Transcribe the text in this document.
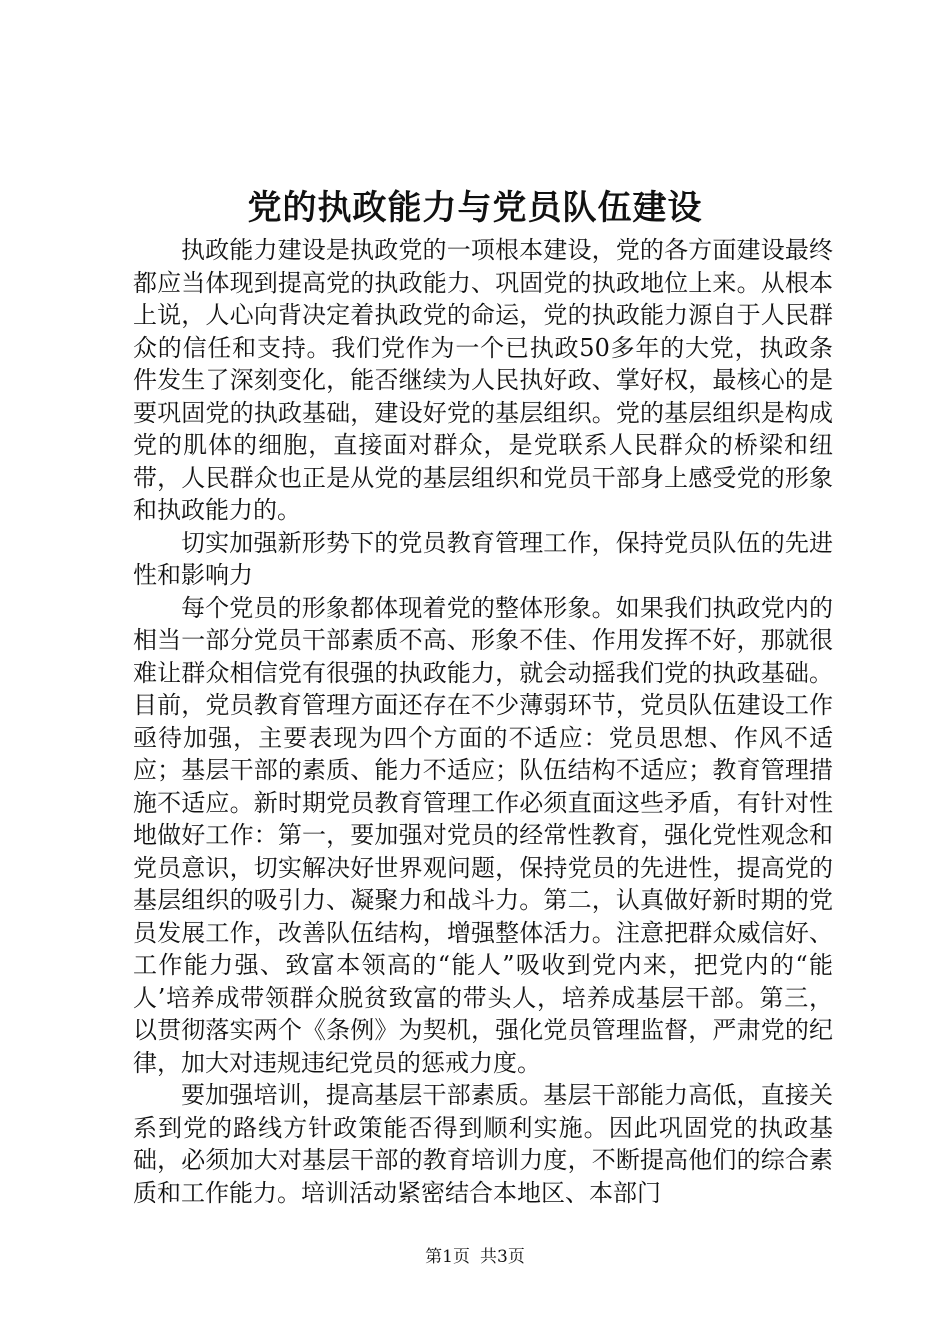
党的执政能力与党员队伍建设

执政能力建设是执政党的一项根本建设，党的各方面建设最终都应当体现到提高党的执政能力、巩固党的执政地位上来。从根本上说，人心向背决定着执政党的命运，党的执政能力源自于人民群众的信任和支持。我们党作为一个已执政50多年的大党，执政条件发生了深刻变化，能否继续为人民执好政、掌好权，最核心的是要巩固党的执政基础，建设好党的基层组织。党的基层组织是构成党的肌体的细胞，直接面对群众，是党联系人民群众的桥梁和纽带，人民群众也正是从党的基层组织和党员干部身上感受党的形象和执政能力的。

切实加强新形势下的党员教育管理工作，保持党员队伍的先进性和影响力

每个党员的形象都体现着党的整体形象。如果我们执政党内的相当一部分党员干部素质不高、形象不佳、作用发挥不好，那就很难让群众相信党有很强的执政能力，就会动摇我们党的执政基础。目前，党员教育管理方面还存在不少薄弱环节，党员队伍建设工作亟待加强，主要表现为四个方面的不适应：党员思想、作风不适应；基层干部的素质、能力不适应；队伍结构不适应；教育管理措施不适应。新时期党员教育管理工作必须直面这些矛盾，有针对性地做好工作：第一，要加强对党员的经常性教育，强化党性观念和党员意识，切实解决好世界观问题，保持党员的先进性，提高党的基层组织的吸引力、凝聚力和战斗力。第二，认真做好新时期的党员发展工作，改善队伍结构，增强整体活力。注意把群众威信好、工作能力强、致富本领高的“能人”吸收到党内来，把党内的“能人’培养成带领群众脱贫致富的带头人，培养成基层干部。第三，以贯彻落实两个《条例》为契机，强化党员管理监督，严肃党的纪律，加大对违规违纪党员的惩戒力度。

要加强培训，提高基层干部素质。基层干部能力高低，直接关系到党的路线方针政策能否得到顺利实施。因此巩固党的执政基础，必须加大对基层干部的教育培训力度，不断提高他们的综合素质和工作能力。培训活动紧密结合本地区、本部门

第1页 共3页
